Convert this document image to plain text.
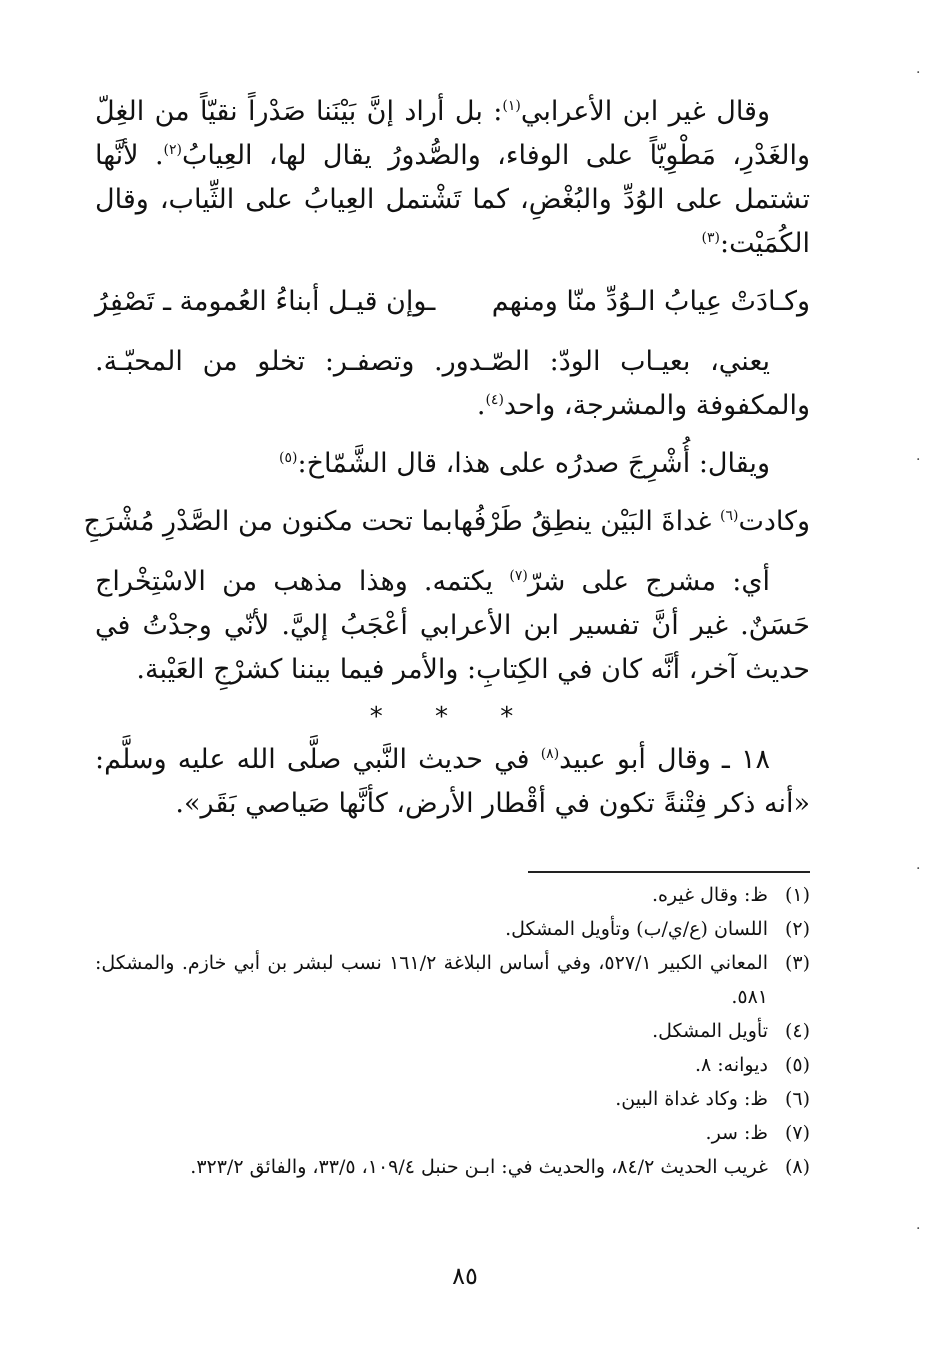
وقال غير ابن الأعرابي$^{(١)}$: بل أراد إنَّ بَيْنَنا صَدْراً نقيّاً من الغِلّ والغَدْرِ، مَطْوِيّاً على الوفاء، والصُّدورُ يقال لها، العِيابُ$^{(٢)}$. لأنَّها تشتمل على الوُدِّ والبُغْضِ، كما تَشْتمل العِيابُ على الثِّياب، وقال الكُمَيْت:$^{(٣)}$

وكـادَتْ عِيابُ الـوُدِّ منّا ومنهم
ـوإن قيـل أبناءُ العُمومة ـ تَصْفِرُ

يعني، بعيـاب الودّ: الصّـدور. وتصفـر: تخلو من المحبّـة. والمكفوفة والمشرجة، واحد$^{(٤)}$.

ويقال: أُشْرِجَ صدرُه على هذا، قال الشَّمّاخ:$^{(٥)}$

وكادت$^{(٦)}$ غداةَ البَيْن ينطِقُ طَرْفُها
بما تحت مكنون من الصَّدْرِ مُشْرَجِ

أي: مشرج على شرّ$^{(٧)}$ يكتمه. وهذا مذهب من الاسْتِخْراج حَسَنٌ. غير أنَّ تفسير ابن الأعرابي أعْجَبُ إليَّ. لأنّي وجدْتُ في حديث آخر، أنَّه كان في الكِتابِ: والأمر فيما بيننا كشرْجِ العَيْبة.

* * *

١٨ ـ وقال أبو عبيد$^{(٨)}$ في حديث النَّبي صلَّى الله عليه وسلَّم: «أنه ذكر فِتْنةً تكون في أقْطار الأرض، كأنَّها صَياصي بَقَر».

(١)
ظ: وقال غيره.
(٢)
اللسان (ع/ي/ب) وتأويل المشكل.
(٣)
المعاني الكبير ٥٢٧/١، وفي أساس البلاغة ١٦١/٢ نسب لبشر بن أبي خازم. والمشكل: ٥٨١.
(٤)
تأويل المشكل.
(٥)
ديوانه: ٨.
(٦)
ظ: وكاد غداة البين.
(٧)
ظ: سر.
(٨)
غريب الحديث ٨٤/٢، والحديث في: ابـن حنبل ١٠٩/٤، ٣٣/٥، والفائق ٣٢٣/٢.
٨٥
·
·
·
·
